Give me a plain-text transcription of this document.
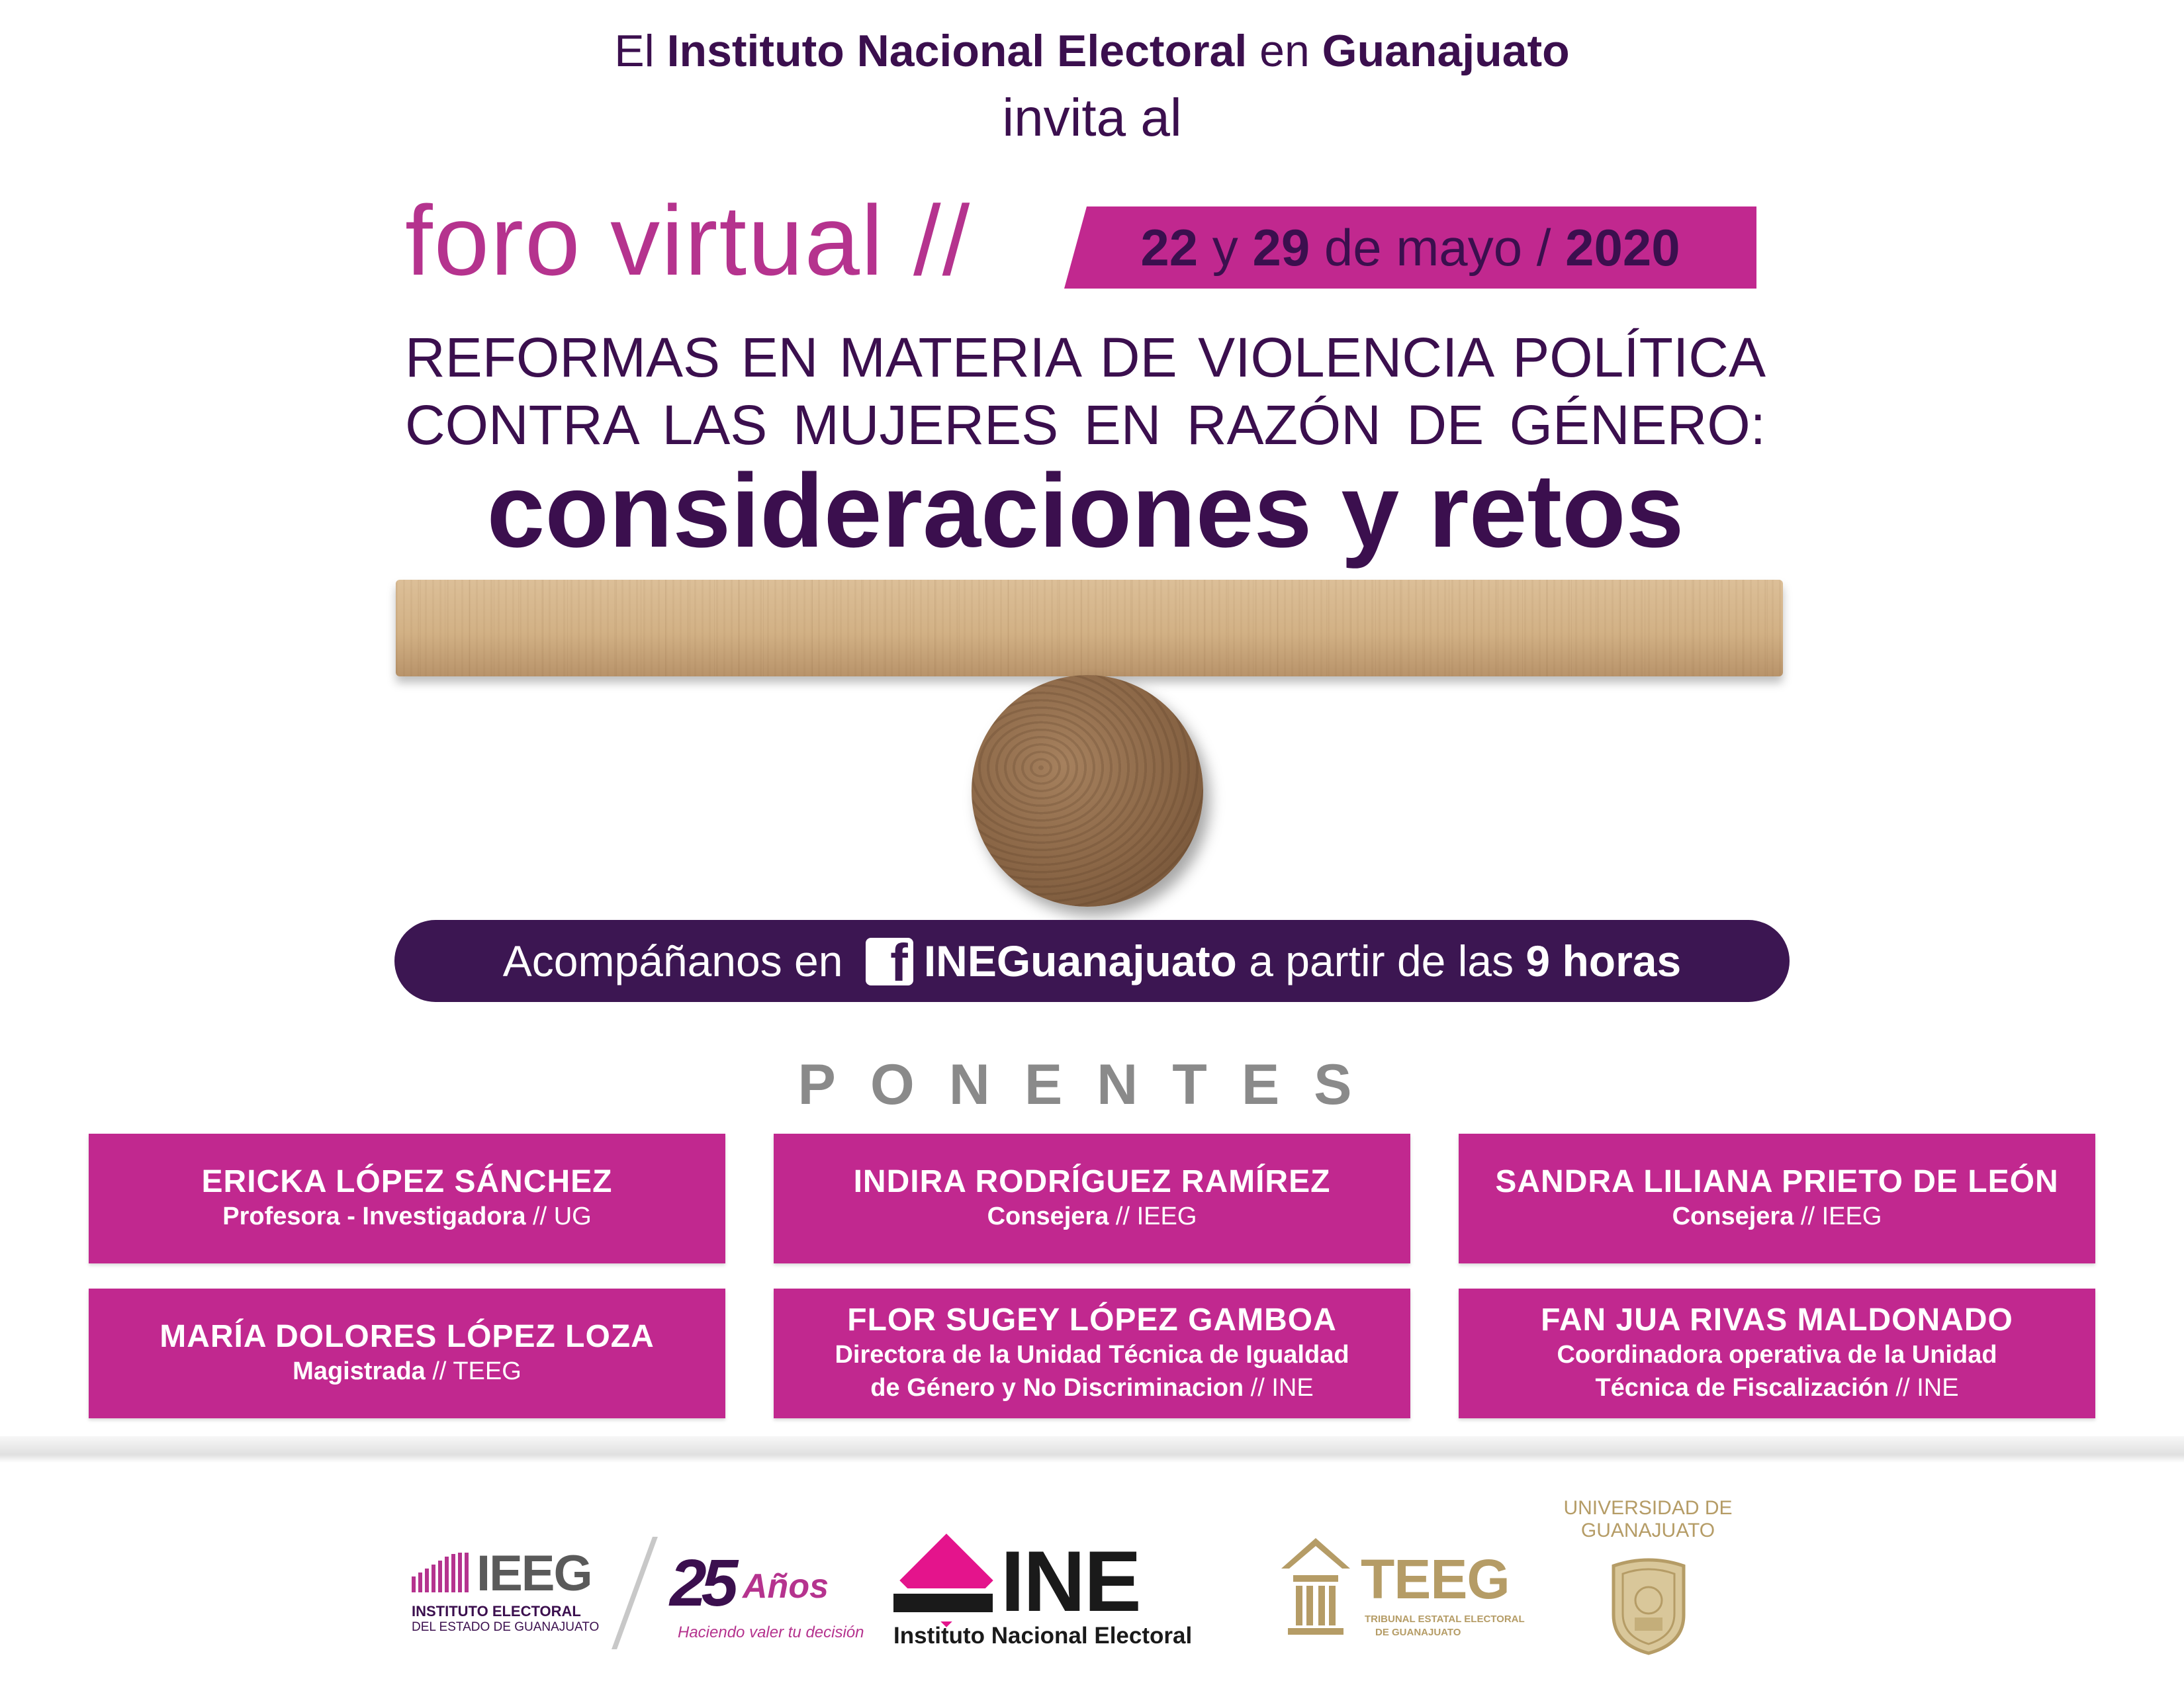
El Instituto Nacional Electoral en Guanajuato
invita al
foro virtual //	22 y 29 de mayo / 2020
REFORMAS EN MATERIA DE VIOLENCIA POLÍTICA
CONTRA LAS MUJERES EN RAZÓN DE GÉNERO:
consideraciones y retos
Acompáñanos en f INEGuanajuato a partir de las 9 horas
PONENTES
ERICKA LÓPEZ SÁNCHEZ
Profesora - Investigadora // UG
INDIRA RODRÍGUEZ RAMÍREZ
Consejera // IEEG
SANDRA LILIANA PRIETO DE LEÓN
Consejera // IEEG
MARÍA DOLORES LÓPEZ LOZA
Magistrada // TEEG
FLOR SUGEY LÓPEZ GAMBOA
Directora de la Unidad Técnica de Igualdad
de Género y No Discriminacion // INE
FAN JUA RIVAS MALDONADO
Coordinadora operativa de la Unidad
Técnica de Fiscalización // INE
IEEG
INSTITUTO ELECTORAL
DEL ESTADO DE GUANAJUATO
25 Años
Haciendo valer tu decisión
INE
Instituto Nacional Electoral
TEEG
TRIBUNAL ESTATAL ELECTORAL
DE GUANAJUATO
UNIVERSIDAD DE
GUANAJUATO
